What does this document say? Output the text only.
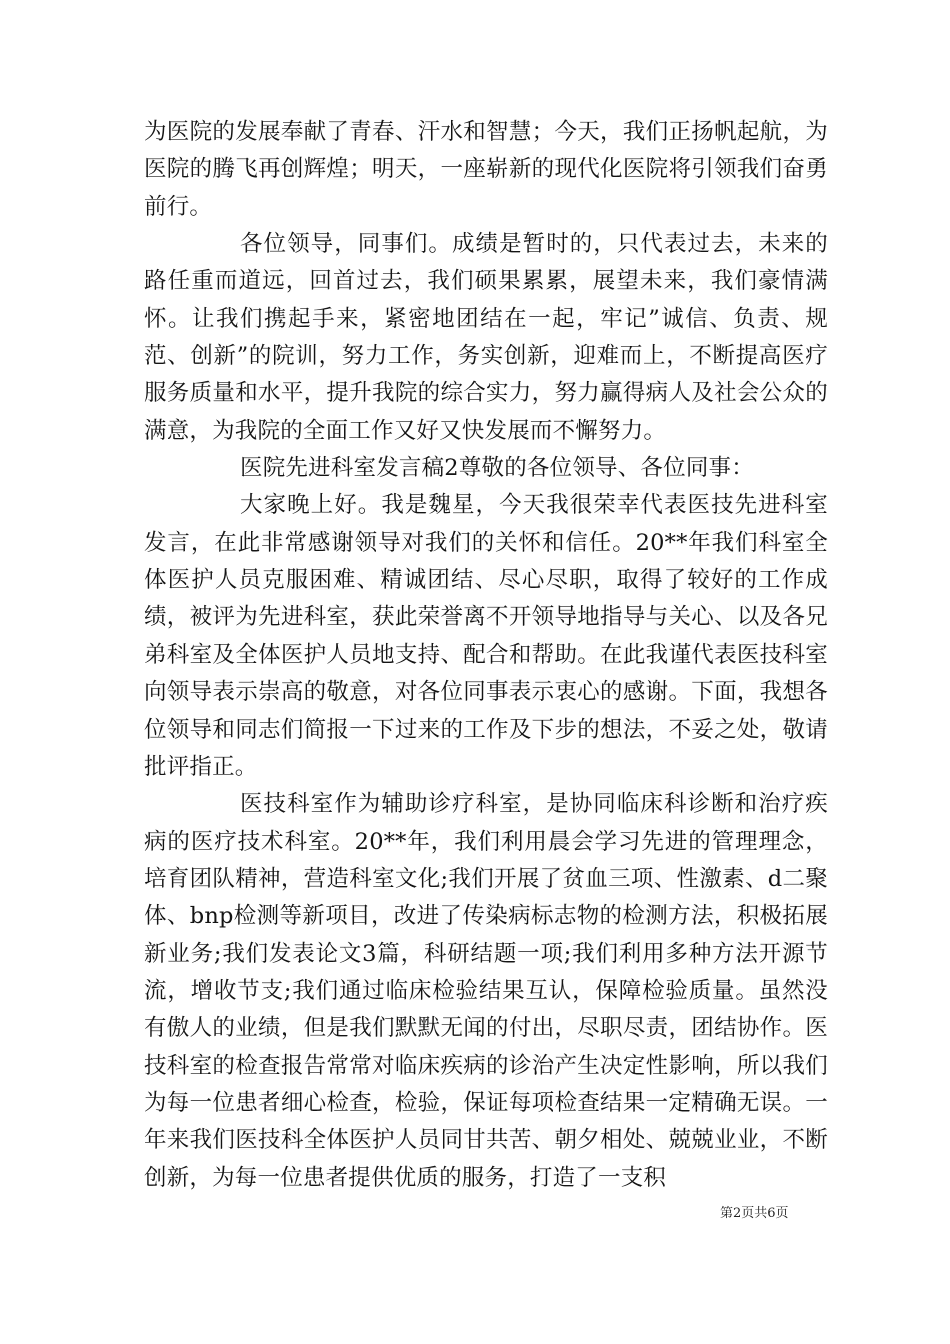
为医院的发展奉献了青春、汗水和智慧；今天，我们正扬帆起航，为医院的腾飞再创辉煌；明天，一座崭新的现代化医院将引领我们奋勇前行。

各位领导，同事们。成绩是暂时的，只代表过去，未来的路任重而道远，回首过去，我们硕果累累，展望未来，我们豪情满怀。让我们携起手来，紧密地团结在一起，牢记”诚信、负责、规范、创新”的院训，努力工作，务实创新，迎难而上，不断提高医疗服务质量和水平，提升我院的综合实力，努力赢得病人及社会公众的满意，为我院的全面工作又好又快发展而不懈努力。

医院先进科室发言稿2尊敬的各位领导、各位同事：

大家晚上好。我是魏星，今天我很荣幸代表医技先进科室发言，在此非常感谢领导对我们的关怀和信任。20**年我们科室全体医护人员克服困难、精诚团结、尽心尽职，取得了较好的工作成绩，被评为先进科室，获此荣誉离不开领导地指导与关心、以及各兄弟科室及全体医护人员地支持、配合和帮助。在此我谨代表医技科室向领导表示崇高的敬意，对各位同事表示衷心的感谢。下面，我想各位领导和同志们简报一下过来的工作及下步的想法，不妥之处，敬请批评指正。

医技科室作为辅助诊疗科室，是协同临床科诊断和治疗疾病的医疗技术科室。20**年，我们利用晨会学习先进的管理理念，培育团队精神，营造科室文化;我们开展了贫血三项、性激素、d二聚体、bnp检测等新项目，改进了传染病标志物的检测方法，积极拓展新业务;我们发表论文3篇，科研结题一项;我们利用多种方法开源节流，增收节支;我们通过临床检验结果互认，保障检验质量。虽然没有傲人的业绩，但是我们默默无闻的付出，尽职尽责，团结协作。医技科室的检查报告常常对临床疾病的诊治产生决定性影响，所以我们为每一位患者细心检查，检验，保证每项检查结果一定精确无误。一年来我们医技科全体医护人员同甘共苦、朝夕相处、兢兢业业，不断创新，为每一位患者提供优质的服务，打造了一支积

第2页共6页
